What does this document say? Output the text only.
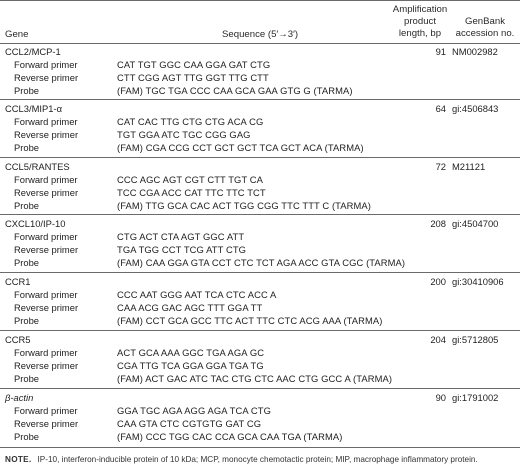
Gene	Sequence (5′→3′)
Amplification
product
length, bp
GenBank
accession no.
CCL2/MCP-1	91 NM002982
Forward primer	CAT TGT GGC CAA GGA GAT CTG
Reverse primer	CTT CGG AGT TTG GGT TTG CTT
Probe	(FAM) TGC TGA CCC CAA GCA GAA GTG G (TARMA)
CCL3/MIP1-α	64 gi:4506843
Forward primer	CAT CAC TTG CTG CTG ACA CG
Reverse primer	TGT GGA ATC TGC CGG GAG
Probe	(FAM) CGA CCG CCT GCT GCT TCA GCT ACA (TARMA)
CCL5/RANTES	72 M21121
Forward primer	CCC AGC AGT CGT CTT TGT CA
Reverse primer	TCC CGA ACC CAT TTC TTC TCT
Probe	(FAM) TTG GCA CAC ACT TGG CGG TTC TTT C (TARMA)
CXCL10/IP-10	208 gi:4504700
Forward primer	CTG ACT CTA AGT GGC ATT
Reverse primer	TGA TGG CCT TCG ATT CTG
Probe	(FAM) CAA GGA GTA CCT CTC TCT AGA ACC GTA CGC (TARMA)
CCR1	200 gi:30410906
Forward primer	CCC AAT GGG AAT TCA CTC ACC A
Reverse primer	CAA ACG GAC AGC TTT GGA TT
Probe	(FAM) CCT GCA GCC TTC ACT TTC CTC ACG AAA (TARMA)
CCR5	204 gi:5712805
Forward primer	ACT GCA AAA GGC TGA AGA GC
Reverse primer	CGA TTG TCA GGA GGA TGA TG
Probe	(FAM) ACT GAC ATC TAC CTG CTC AAC CTG GCC A (TARMA)
β-actin	90 gi:1791002
Forward primer	GGA TGC AGA AGG AGA TCA CTG
Reverse primer	CAA GTA CTC CGTGTG GAT CG
Probe	(FAM) CCC TGG CAC CCA GCA CAA TGA (TARMA)
NOTE. IP-10, interferon-inducible protein of 10 kDa; MCP, monocyte chemotactic protein; MIP, macrophage inflammatory protein.
